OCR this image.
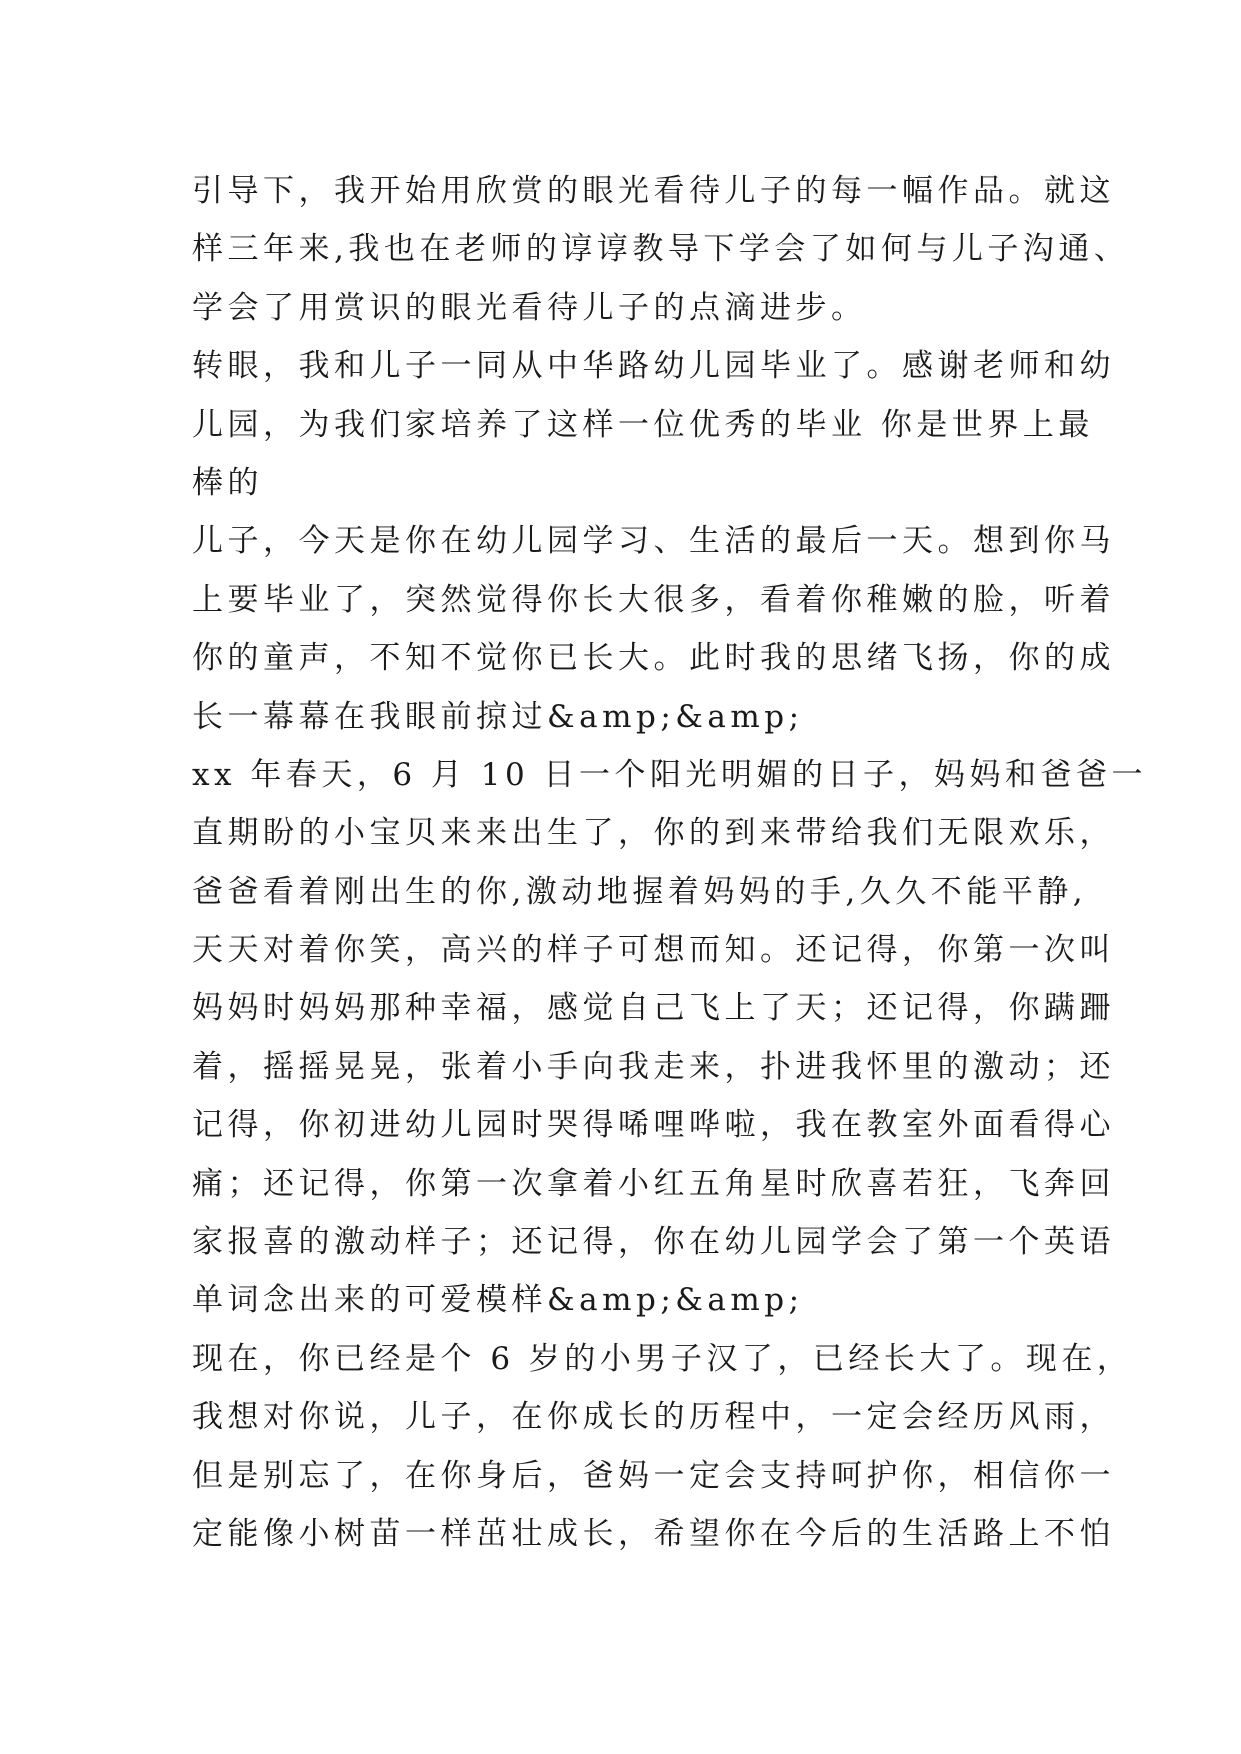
引导下，我开始用欣赏的眼光看待儿子的每一幅作品。就这
样三年来,我也在老师的谆谆教导下学会了如何与儿子沟通、
学会了用赏识的眼光看待儿子的点滴进步。
转眼，我和儿子一同从中华路幼儿园毕业了。感谢老师和幼
儿园，为我们家培养了这样一位优秀的毕业 你是世界上最
棒的
儿子，今天是你在幼儿园学习、生活的最后一天。想到你马
上要毕业了，突然觉得你长大很多，看着你稚嫩的脸，听着
你的童声，不知不觉你已长大。此时我的思绪飞扬，你的成
长一幕幕在我眼前掠过&amp;&amp;
xx 年春天，6 月 10 日一个阳光明媚的日子，妈妈和爸爸一
直期盼的小宝贝来来出生了，你的到来带给我们无限欢乐，
爸爸看着刚出生的你,激动地握着妈妈的手,久久不能平静,
天天对着你笑，高兴的样子可想而知。还记得，你第一次叫
妈妈时妈妈那种幸福，感觉自己飞上了天；还记得，你蹒跚
着，摇摇晃晃，张着小手向我走来，扑进我怀里的激动；还
记得，你初进幼儿园时哭得唏哩哗啦，我在教室外面看得心
痛；还记得，你第一次拿着小红五角星时欣喜若狂，飞奔回
家报喜的激动样子；还记得，你在幼儿园学会了第一个英语
单词念出来的可爱模样&amp;&amp;
现在，你已经是个 6 岁的小男子汉了，已经长大了。现在，
我想对你说，儿子，在你成长的历程中，一定会经历风雨，
但是别忘了，在你身后，爸妈一定会支持呵护你，相信你一
定能像小树苗一样茁壮成长，希望你在今后的生活路上不怕
